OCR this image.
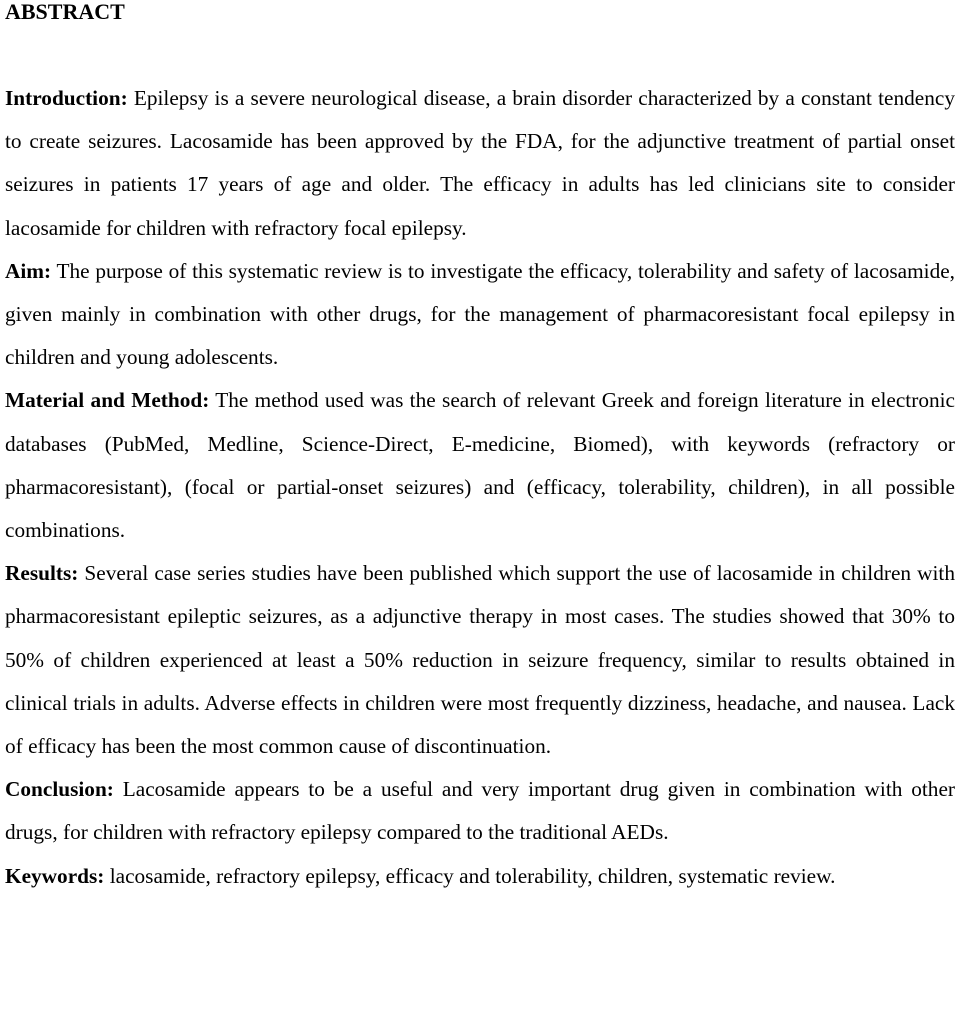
ABSTRACT

Introduction: Epilepsy is a severe neurological disease, a brain disorder characterized by a constant tendency to create seizures. Lacosamide has been approved by the FDA, for the adjunctive treatment of partial onset seizures in patients 17 years of age and older. The efficacy in adults has led clinicians site to consider lacosamide for children with refractory focal epilepsy.

Aim: The purpose of this systematic review is to investigate the efficacy, tolerability and safety of lacosamide, given mainly in combination with other drugs, for the management of pharmacoresistant focal epilepsy in children and young adolescents.

Material and Method: The method used was the search of relevant Greek and foreign literature in electronic databases (PubMed, Medline, Science-Direct, E-medicine, Biomed), with keywords (refractory or pharmacoresistant), (focal or partial-onset seizures) and (efficacy, tolerability, children), in all possible combinations.

Results: Several case series studies have been published which support the use of lacosamide in children with pharmacoresistant epileptic seizures, as a adjunctive therapy in most cases. The studies showed that 30% to 50% of children experienced at least a 50% reduction in seizure frequency, similar to results obtained in clinical trials in adults. Adverse effects in children were most frequently dizziness, headache, and nausea. Lack of efficacy has been the most common cause of discontinuation.

Conclusion: Lacosamide appears to be a useful and very important drug given in combination with other drugs, for children with refractory epilepsy compared to the traditional AEDs.

Keywords: lacosamide, refractory epilepsy, efficacy and tolerability, children, systematic review.
